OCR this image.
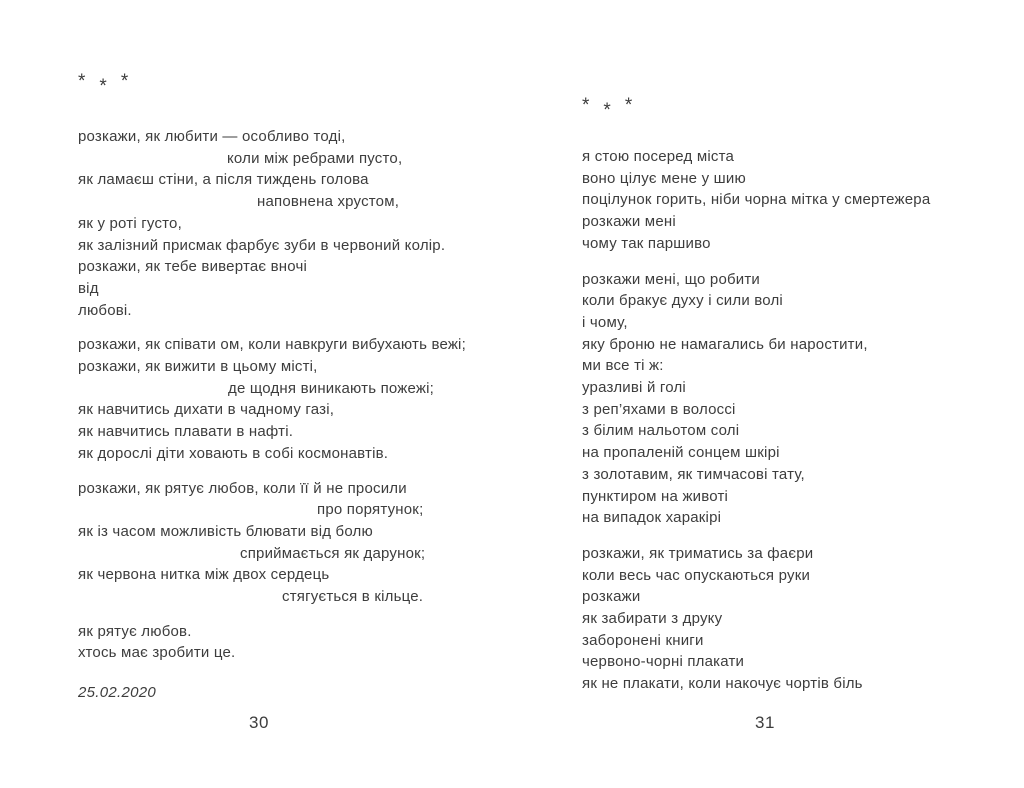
* * *
розкажи, як любити — особливо тоді,
коли між ребрами пусто,
як ламаєш стіни, а після тиждень голова
наповнена хрустом,
як у роті густо,
як залізний присмак фарбує зуби в червоний колір.
розкажи, як тебе вивертає вночі
від
любові.
розкажи, як співати ом, коли навкруги вибухають вежі;
розкажи, як вижити в цьому місті,
де щодня виникають пожежі;
як навчитись дихати в чадному газі,
як навчитись плавати в нафті.
як дорослі діти ховають в собі космонавтів.
розкажи, як рятує любов, коли її й не просили
про порятунок;
як із часом можливість блювати від болю
сприймається як дарунок;
як червона нитка між двох сердець
стягується в кільце.
як рятує любов.
хтось має зробити це.
25.02.2020
* * *
я стою посеред міста
воно цілує мене у шию
поцілунок горить, ніби чорна мітка у смертежера
розкажи мені
чому так паршиво
розкажи мені, що робити
коли бракує духу і сили волі
і чому,
яку броню не намагались би наростити,
ми все ті ж:
уразливі й голі
з реп’яхами в волоссі
з білим нальотом солі
на пропаленій сонцем шкірі
з золотавим, як тимчасові тату,
пунктиром на животі
на випадок харакірі
розкажи, як триматись за фаєри
коли весь час опускаються руки
розкажи
як забирати з друку
заборонені книги
червоно-чорні плакати
як не плакати, коли накочує чортів біль
30	31
